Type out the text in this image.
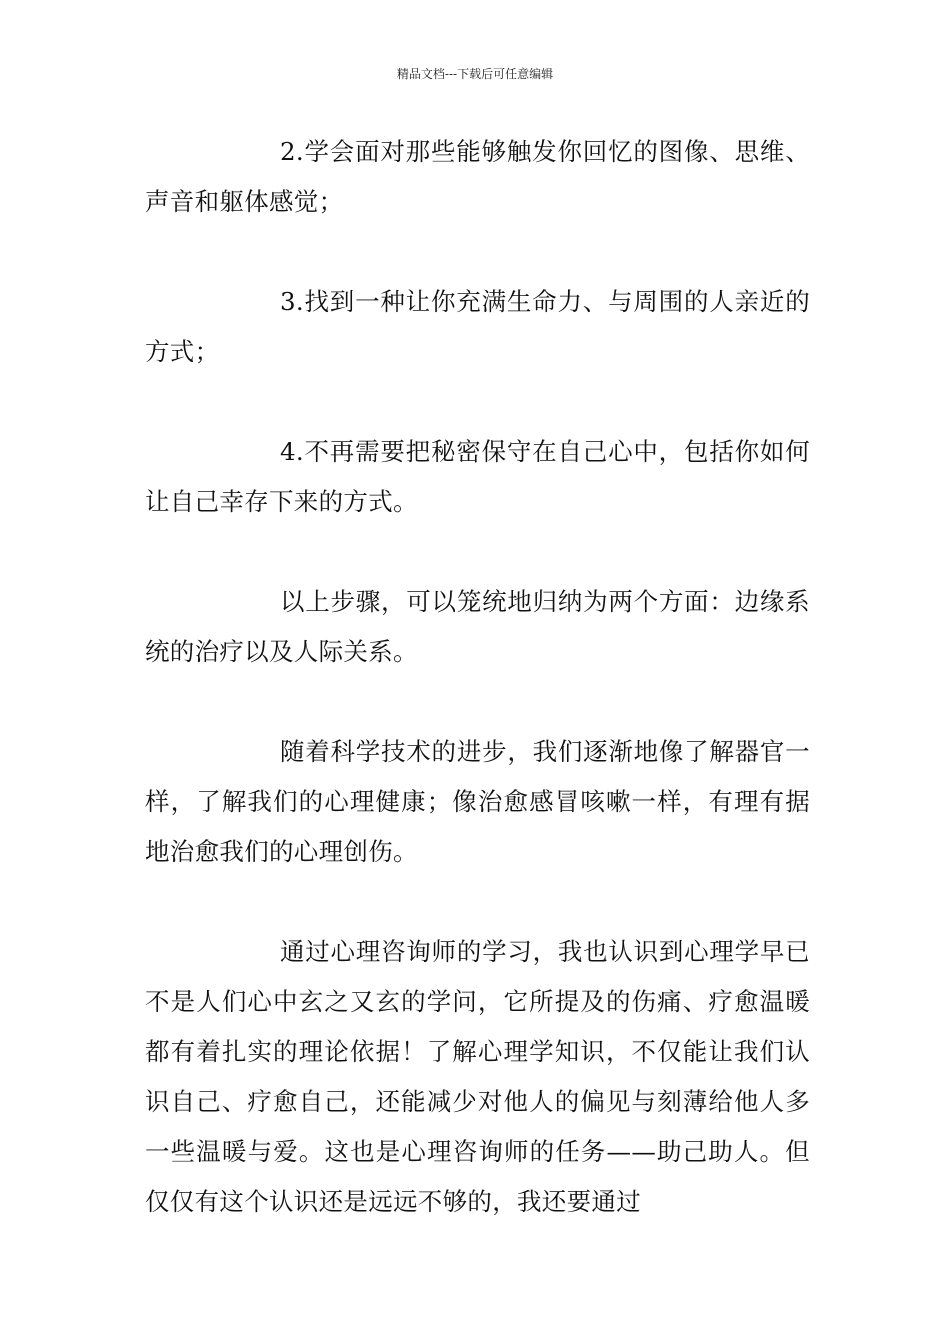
精品文档---下载后可任意编辑

2.学会面对那些能够触发你回忆的图像、思维、声音和躯体感觉；

3.找到一种让你充满生命力、与周围的人亲近的方式；

4.不再需要把秘密保守在自己心中，包括你如何让自己幸存下来的方式。

以上步骤，可以笼统地归纳为两个方面：边缘系统的治疗以及人际关系。

随着科学技术的进步，我们逐渐地像了解器官一样，了解我们的心理健康；像治愈感冒咳嗽一样，有理有据地治愈我们的心理创伤。

通过心理咨询师的学习，我也认识到心理学早已不是人们心中玄之又玄的学问，它所提及的伤痛、疗愈温暖都有着扎实的理论依据！了解心理学知识，不仅能让我们认识自己、疗愈自己，还能减少对他人的偏见与刻薄给他人多一些温暖与爱。这也是心理咨询师的任务——助己助人。但仅仅有这个认识还是远远不够的，我还要通过
